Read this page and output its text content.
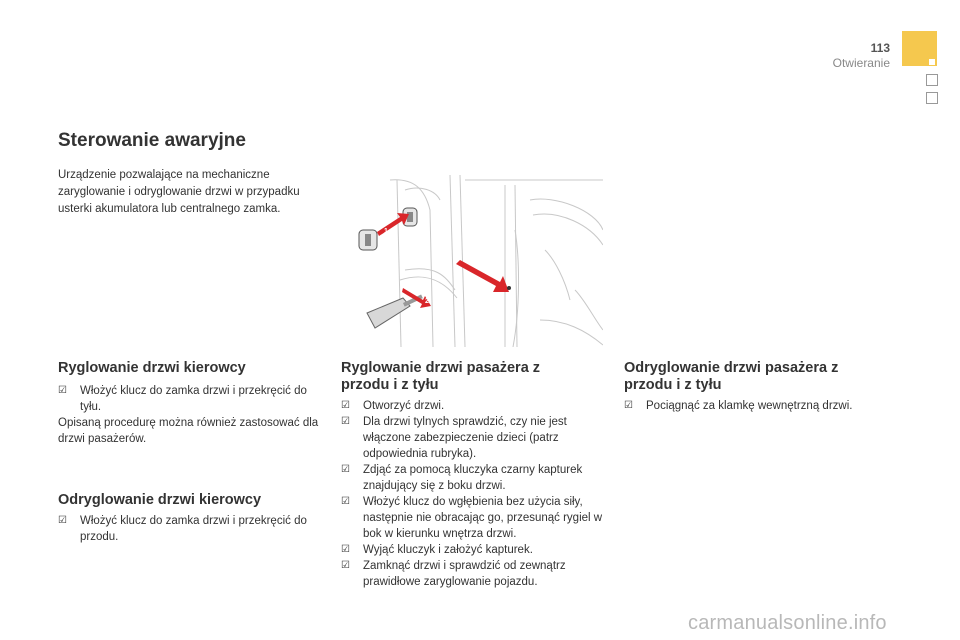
113
Otwieranie
Sterowanie awaryjne

Urządzenie pozwalające na mechaniczne zaryglowanie i odryglowanie drzwi w przypadku usterki akumulatora lub centralnego zamka.

1
2
Ryglowanie drzwi kierowcy
☑ Włożyć klucz do zamka drzwi i przekręcić do tyłu.

Opisaną procedurę można również zastosować dla drzwi pasażerów.

Odryglowanie drzwi kierowcy
☑ Włożyć klucz do zamka drzwi i przekręcić do przodu.
Ryglowanie drzwi pasażera z przodu i z tyłu
☑ Otworzyć drzwi.
☑ Dla drzwi tylnych sprawdzić, czy nie jest włączone zabezpieczenie dzieci (patrz odpowiednia rubryka).
☑ Zdjąć za pomocą kluczyka czarny kapturek znajdujący się z boku drzwi.
☑ Włożyć klucz do wgłębienia bez użycia siły, następnie nie obracając go, przesunąć rygiel w bok w kierunku wnętrza drzwi.
☑ Wyjąć kluczyk i założyć kapturek.
☑ Zamknąć drzwi i sprawdzić od zewnątrz prawidłowe zaryglowanie pojazdu.
Odryglowanie drzwi pasażera z przodu i z tyłu
☑ Pociągnąć za klamkę wewnętrzną drzwi.
carmanualsonline.info
